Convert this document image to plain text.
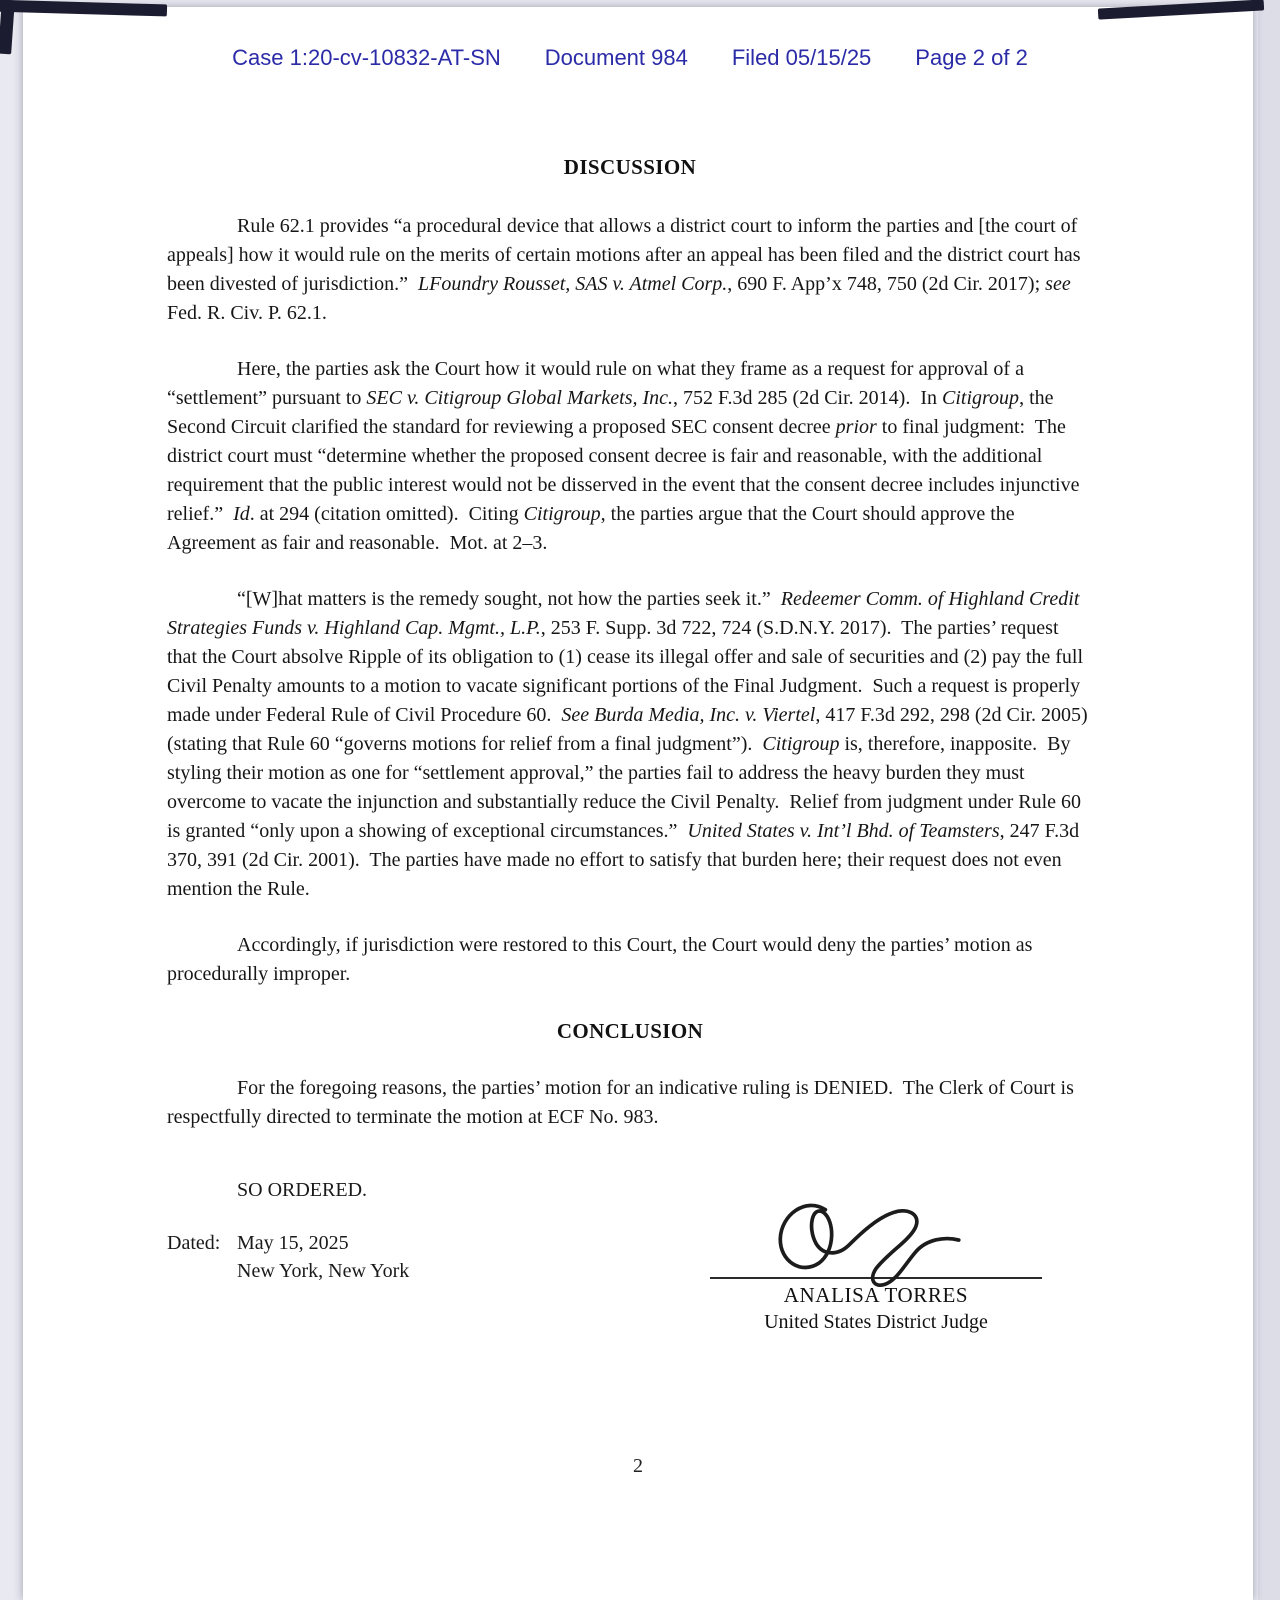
Case 1:20-cv-10832-AT-SN Document 984 Filed 05/15/25 Page 2 of 2
DISCUSSION

Rule 62.1 provides “a procedural device that allows a district court to inform the parties and [the court of appeals] how it would rule on the merits of certain motions after an appeal has been filed and the district court has been divested of jurisdiction.”  LFoundry Rousset, SAS v. Atmel Corp., 690 F. App’x 748, 750 (2d Cir. 2017); see Fed. R. Civ. P. 62.1.

Here, the parties ask the Court how it would rule on what they frame as a request for approval of a “settlement” pursuant to SEC v. Citigroup Global Markets, Inc., 752 F.3d 285 (2d Cir. 2014).  In Citigroup, the Second Circuit clarified the standard for reviewing a proposed SEC consent decree prior to final judgment:  The district court must “determine whether the proposed consent decree is fair and reasonable, with the additional requirement that the public interest would not be disserved in the event that the consent decree includes injunctive relief.”  Id. at 294 (citation omitted).  Citing Citigroup, the parties argue that the Court should approve the Agreement as fair and reasonable.  Mot. at 2–3.

“[W]hat matters is the remedy sought, not how the parties seek it.”  Redeemer Comm. of Highland Credit Strategies Funds v. Highland Cap. Mgmt., L.P., 253 F. Supp. 3d 722, 724 (S.D.N.Y. 2017).  The parties’ request that the Court absolve Ripple of its obligation to (1) cease its illegal offer and sale of securities and (2) pay the full Civil Penalty amounts to a motion to vacate significant portions of the Final Judgment.  Such a request is properly made under Federal Rule of Civil Procedure 60.  See Burda Media, Inc. v. Viertel, 417 F.3d 292, 298 (2d Cir. 2005) (stating that Rule 60 “governs motions for relief from a final judgment”).  Citigroup is, therefore, inapposite.  By styling their motion as one for “settlement approval,” the parties fail to address the heavy burden they must overcome to vacate the injunction and substantially reduce the Civil Penalty.  Relief from judgment under Rule 60 is granted “only upon a showing of exceptional circumstances.”  United States v. Int’l Bhd. of Teamsters, 247 F.3d 370, 391 (2d Cir. 2001).  The parties have made no effort to satisfy that burden here; their request does not even mention the Rule.

Accordingly, if jurisdiction were restored to this Court, the Court would deny the parties’ motion as procedurally improper.

CONCLUSION

For the foregoing reasons, the parties’ motion for an indicative ruling is DENIED.  The Clerk of Court is respectfully directed to terminate the motion at ECF No. 983.

SO ORDERED.
Dated: May 15, 2025
New York, New York
ANALISA TORRES
United States District Judge
2
